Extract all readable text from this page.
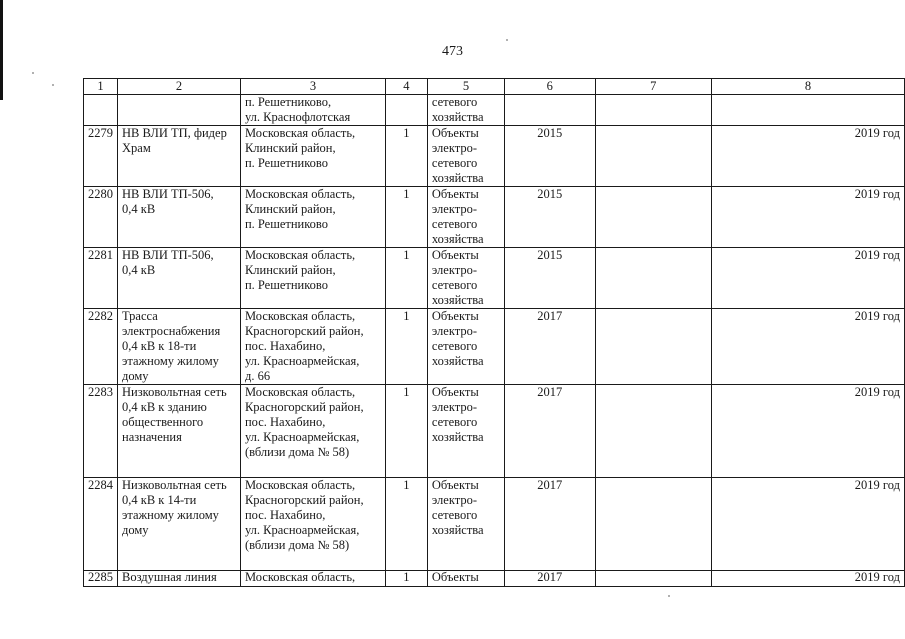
473
1	2	3	4	5	6	7	8

		п. Решетниково,
ул. Краснофлотская		сетевого
хозяйства			

2279	НВ ВЛИ ТП, фидер
Храм	Московская область,
Клинский район,
п. Решетниково	1	Объекты
электро-
сетевого
хозяйства	2015		2019 год
2280	НВ ВЛИ ТП-506,
0,4 кВ	Московская область,
Клинский район,
п. Решетниково	1	Объекты
электро-
сетевого
хозяйства	2015		2019 год
2281	НВ ВЛИ ТП-506,
0,4 кВ	Московская область,
Клинский район,
п. Решетниково	1	Объекты
электро-
сетевого
хозяйства	2015		2019 год
2282	Трасса
электроснабжения
0,4 кВ к 18-ти
этажному жилому
дому	Московская область,
Красногорский район,
пос. Нахабино,
ул. Красноармейская,
д. 66	1	Объекты
электро-
сетевого
хозяйства	2017		2019 год
2283	Низковольтная сеть
0,4 кВ к зданию
общественного
назначения	Московская область,
Красногорский район,
пос. Нахабино,
ул. Красноармейская,
(вблизи дома № 58)	1	Объекты
электро-
сетевого
хозяйства	2017		2019 год
2284	Низковольтная сеть
0,4 кВ к 14-ти
этажному жилому
дому	Московская область,
Красногорский район,
пос. Нахабино,
ул. Красноармейская,
(вблизи дома № 58)	1	Объекты
электро-
сетевого
хозяйства	2017		2019 год
2285	Воздушная линия	Московская область,	1	Объекты	2017		2019 год
